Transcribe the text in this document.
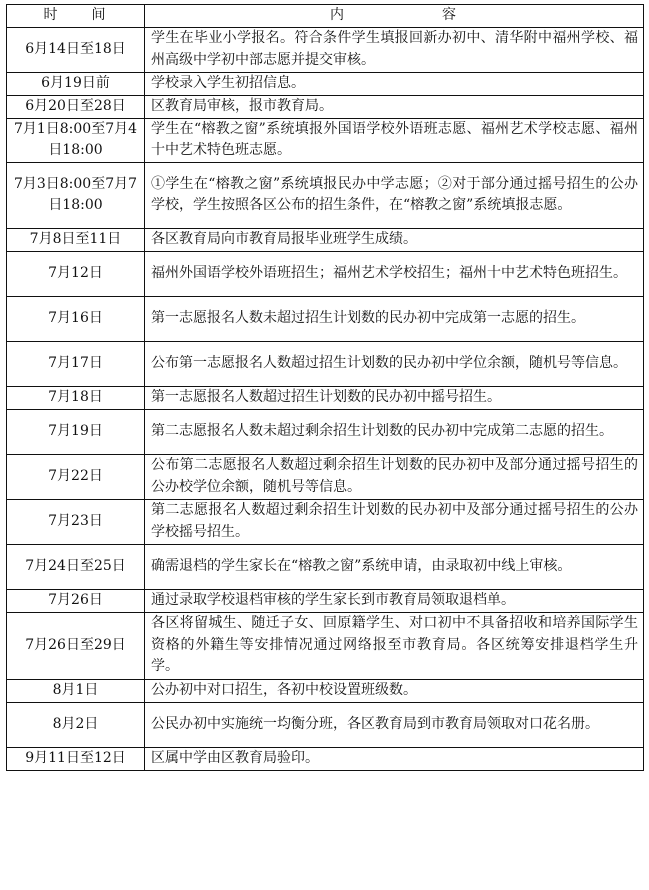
时　　间	内　　　　　　容
6月14日至18日	学生在毕业小学报名。符合条件学生填报回新办初中、清华附中福州学校、福州高级中学初中部志愿并提交审核。
6月19日前	学校录入学生初招信息。
6月20日至28日	区教育局审核，报市教育局。
7月1日8:00至7月4日18:00	学生在“榕教之窗”系统填报外国语学校外语班志愿、福州艺术学校志愿、福州十中艺术特色班志愿。
7月3日8:00至7月7日18:00	①学生在“榕教之窗”系统填报民办中学志愿；②对于部分通过摇号招生的公办学校，学生按照各区公布的招生条件，在“榕教之窗”系统填报志愿。
7月8日至11日	各区教育局向市教育局报毕业班学生成绩。
7月12日	福州外国语学校外语班招生；福州艺术学校招生；福州十中艺术特色班招生。
7月16日	第一志愿报名人数未超过招生计划数的民办初中完成第一志愿的招生。
7月17日	公布第一志愿报名人数超过招生计划数的民办初中学位余额，随机号等信息。
7月18日	第一志愿报名人数超过招生计划数的民办初中摇号招生。
7月19日	第二志愿报名人数未超过剩余招生计划数的民办初中完成第二志愿的招生。
7月22日	公布第二志愿报名人数超过剩余招生计划数的民办初中及部分通过摇号招生的公办校学位余额，随机号等信息。
7月23日	第二志愿报名人数超过剩余招生计划数的民办初中及部分通过摇号招生的公办学校摇号招生。
7月24日至25日	确需退档的学生家长在“榕教之窗”系统申请，由录取初中线上审核。
7月26日	通过录取学校退档审核的学生家长到市教育局领取退档单。
7月26日至29日	各区将留城生、随迁子女、回原籍学生、对口初中不具备招收和培养国际学生资格的外籍生等安排情况通过网络报至市教育局。各区统筹安排退档学生升学。
8月1日	公办初中对口招生，各初中校设置班级数。
8月2日	公民办初中实施统一均衡分班，各区教育局到市教育局领取对口花名册。
9月11日至12日	区属中学由区教育局验印。
